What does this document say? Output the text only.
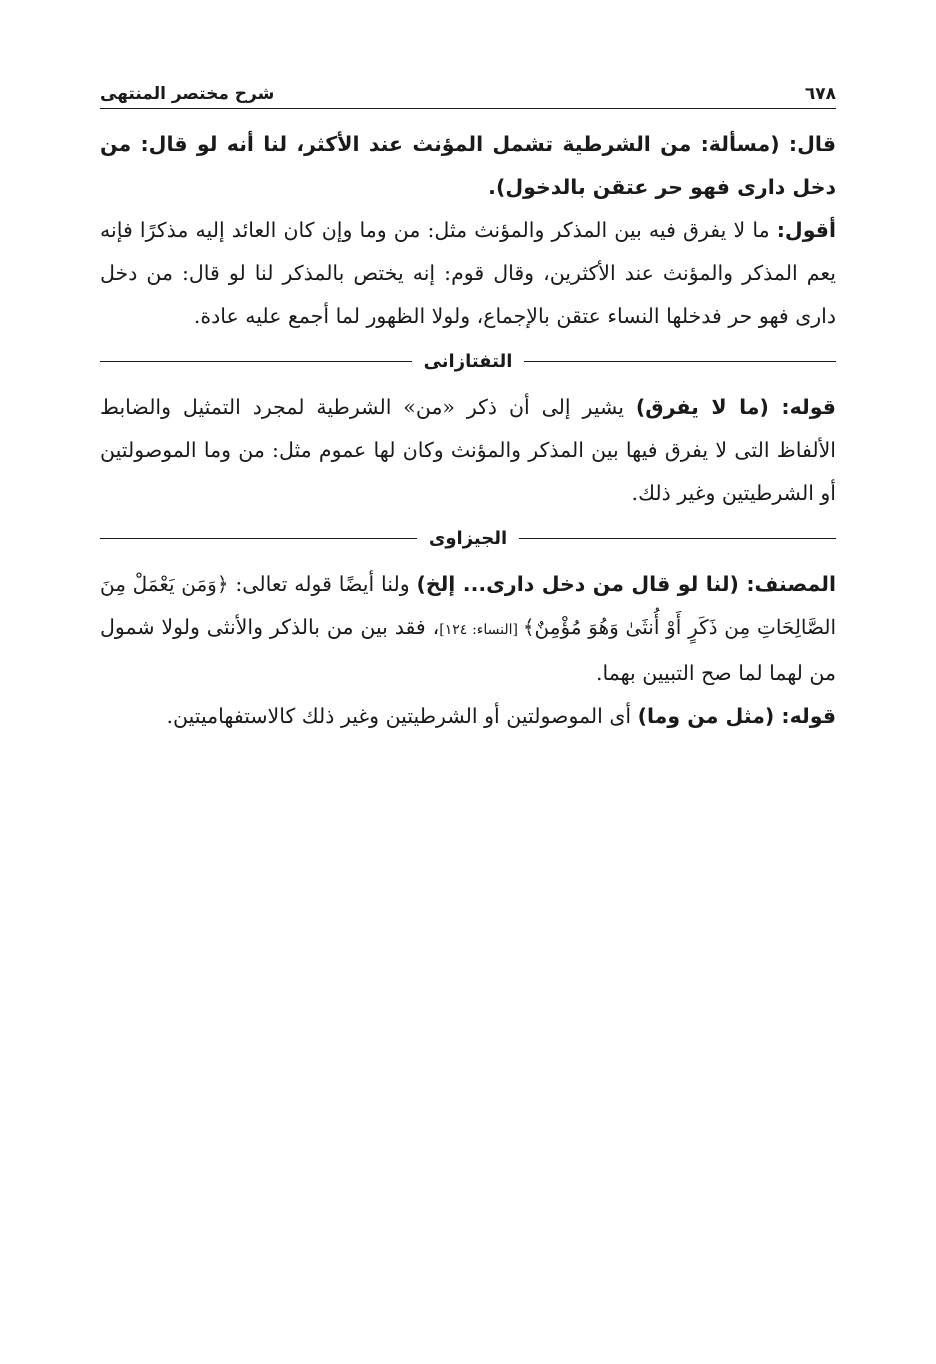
٦٧٨
شرح مختصر المنتهى

قال: (مسألة: من الشرطية تشمل المؤنث عند الأكثر، لنا أنه لو قال: من دخل دارى فهو حر عتقن بالدخول).

أقول: ما لا يفرق فيه بين المذكر والمؤنث مثل: من وما وإن كان العائد إليه مذكرًا فإنه يعم المذكر والمؤنث عند الأكثرين، وقال قوم: إنه يختص بالمذكر لنا لو قال: من دخل دارى فهو حر فدخلها النساء عتقن بالإجماع، ولولا الظهور لما أجمع عليه عادة.

التفتازانى

قوله: (ما لا يفرق) يشير إلى أن ذكر «من» الشرطية لمجرد التمثيل والضابط الألفاظ التى لا يفرق فيها بين المذكر والمؤنث وكان لها عموم مثل: من وما الموصولتين أو الشرطيتين وغير ذلك.

الجيزاوى

المصنف: (لنا لو قال من دخل دارى... إلخ) ولنا أيضًا قوله تعالى: ﴿وَمَن يَعْمَلْ مِنَ الصَّالِحَاتِ مِن ذَكَرٍ أَوْ أُنثَىٰ وَهُوَ مُؤْمِنٌ﴾ [النساء: ١٢٤]، فقد بين من بالذكر والأنثى ولولا شمول من لهما لما صح التبيين بهما.

قوله: (مثل من وما) أى الموصولتين أو الشرطيتين وغير ذلك كالاستفهاميتين.
